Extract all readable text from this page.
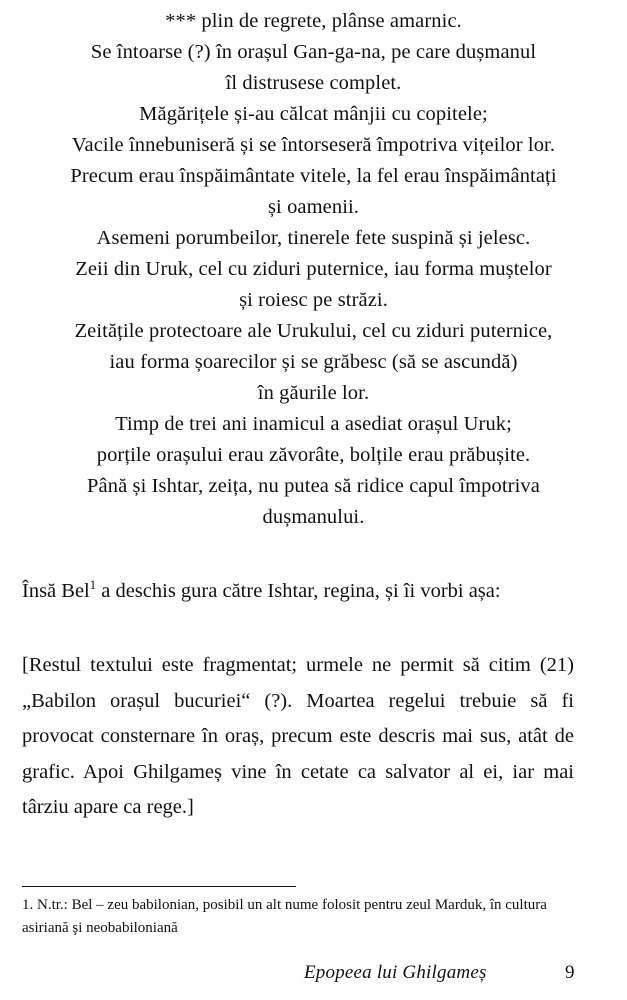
*** plin de regrete, plânse amarnic.
Se întoarse (?) în orașul Gan-ga-na, pe care dușmanul
îl distrusese complet.
Măgărițele și-au călcat mânjii cu copitele;
Vacile înnebuniseră și se întorseseră împotriva vițeilor lor.
Precum erau înspăimântate vitele, la fel erau înspăimântați
și oamenii.
Asemeni porumbeilor, tinerele fete suspină și jelesc.
Zeii din Uruk, cel cu ziduri puternice, iau forma muștelor
și roiesc pe străzi.
Zeitățile protectoare ale Urukului, cel cu ziduri puternice,
iau forma șoarecilor și se grăbesc (să se ascundă)
în găurile lor.
Timp de trei ani inamicul a asediat orașul Uruk;
porțile orașului erau zăvorâte, bolțile erau prăbușite.
Până și Ishtar, zeița, nu putea să ridice capul împotriva
dușmanului.
Însă Bel$^1$ a deschis gura către Ishtar, regina, și îi vorbi așa:
[Restul textului este fragmentat; urmele ne permit să citim (21) „Babilon orașul bucuriei“ (?). Moartea regelui trebuie să fi provocat consternare în oraș, precum este descris mai sus, atât de grafic. Apoi Ghilgameș vine în cetate ca salvator al ei, iar mai târziu apare ca rege.]
1. N.tr.: Bel – zeu babilonian, posibil un alt nume folosit pentru zeul Marduk, în cultura asiriană şi neobabiloniană
Epopeea lui Ghilgameș	9
